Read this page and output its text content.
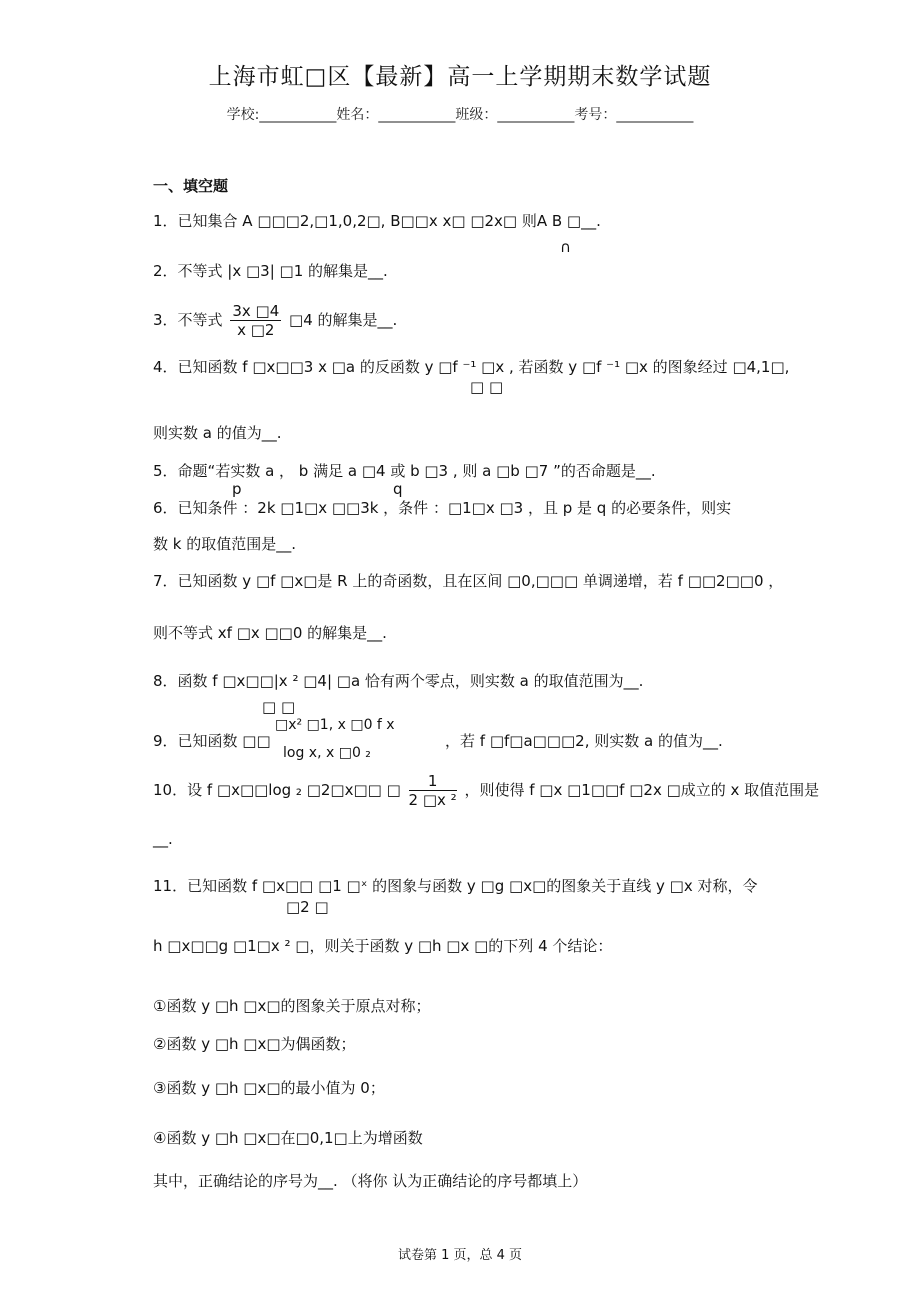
上海市虹□区【最新】高一上学期期末数学试题
学校:___________姓名：___________班级：___________考号：___________
一、填空题
1．已知集合 A □□□2,□1,0,2□, B□□x x□ □2x□ 则A B □__.
∩
2．不等式 |x □3| □1 的解集是__.
3．不等式 $\frac{3x □4}{x □2}$ □4 的解集是__.
4．已知函数 f □x□□3 x □a 的反函数 y □f ⁻¹ □x , 若函数 y □f ⁻¹ □x 的图象经过 □4,1□,
□ □
则实数 a 的值为__.
5．命题“若实数 a ， b 满足 a □4 或 b □3 , 则 a □b □7 ”的否命题是__.
p	q
6．已知条件 ：2k □1□x □□3k ，条件 ：□1□x □3 ，且 p 是 q 的必要条件，则实
数 k 的取值范围是__.
7．已知函数 y □f □x□是 R 上的奇函数，且在区间 □0,□□□ 单调递增，若 f □□2□□0 ，
则不等式 xf □x □□0 的解集是__.
8．函数 f □x□□|x ² □4| □a 恰有两个零点，则实数 a 的取值范围为__.
□ □
9．已知函数 □□
□x² □1, x □0 f x
log x, x □0 ₂
，若 f □f□a□□□2, 则实数 a 的值为__.
10．设 f □x□□log ₂ □2□x□□ □ $\frac{1}{\text{2 □x ²}}$ ，则使得 f □x □1□□f □2x □成立的 x 取值范围是
__.
11．已知函数 f □x□□ □1 □ˣ 的图象与函数 y □g □x□的图象关于直线 y □x 对称，令
□2 □
h □x□□g □1□x ² □，则关于函数 y □h □x □的下列 4 个结论：
①函数 y □h □x□的图象关于原点对称；
②函数 y □h □x□为偶函数；
③函数 y □h □x□的最小值为 0；
④函数 y □h □x□在□0,1□上为增函数
其中，正确结论的序号为__. （将你 认为正确结论的序号都填上）
试卷第 1 页，总 4 页
